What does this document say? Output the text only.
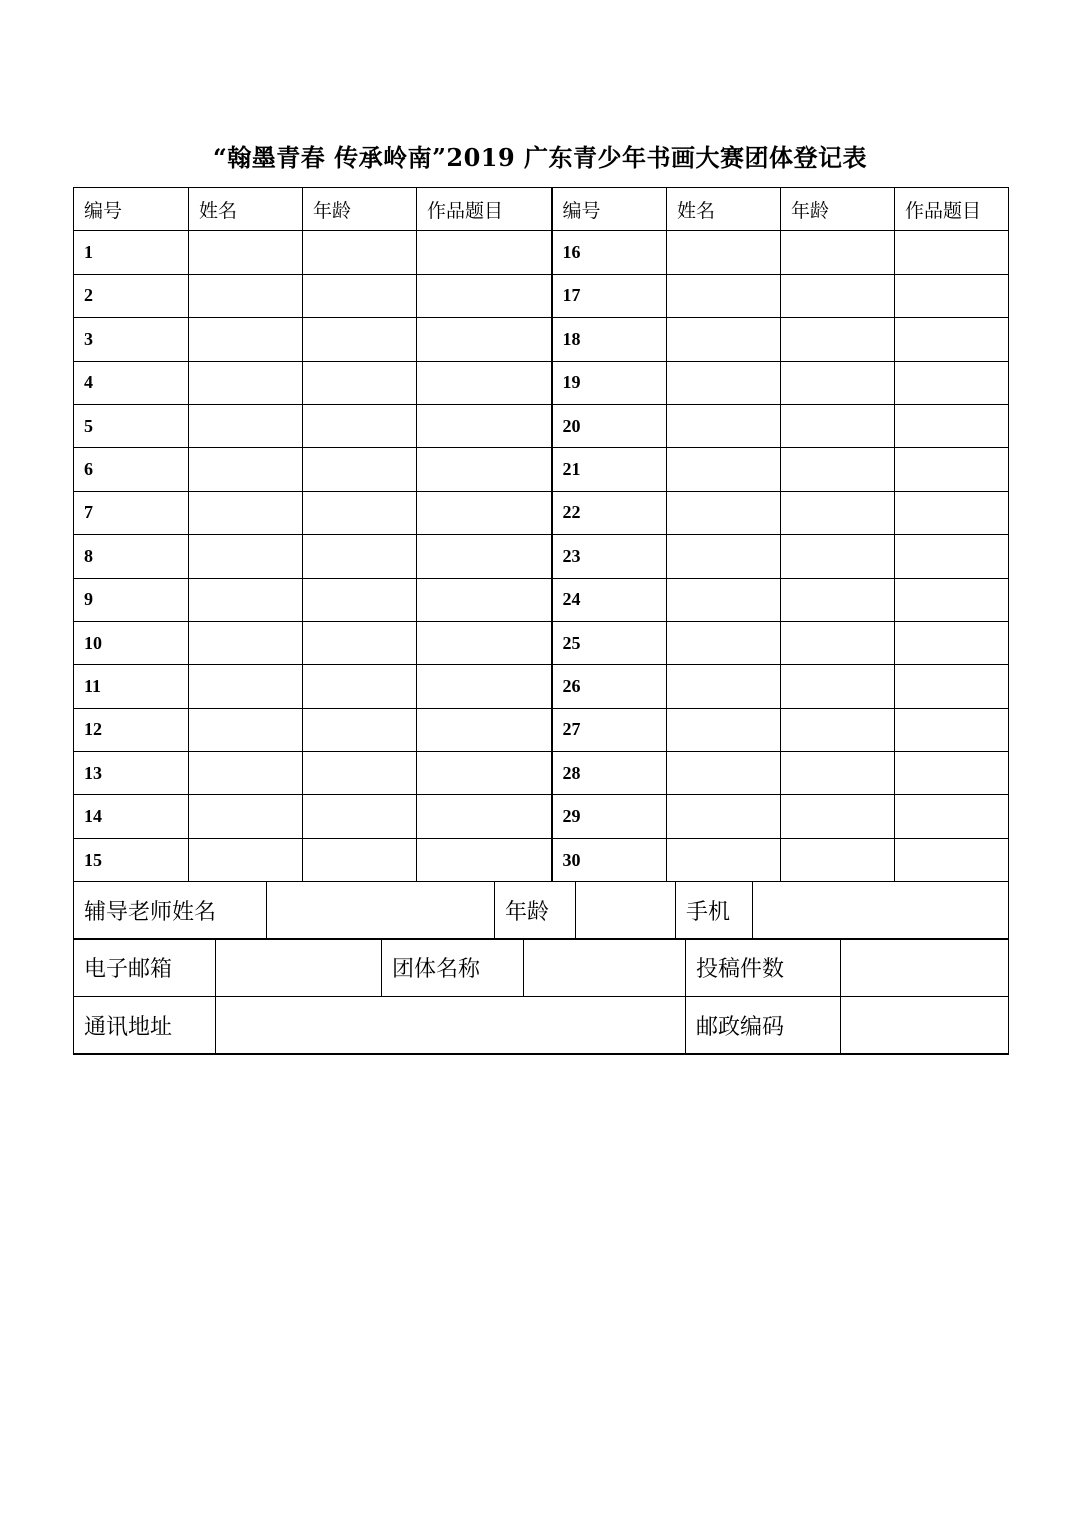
“翰墨青春 传承岭南”2019 广东青少年书画大赛团体登记表
编号	姓名	年龄	作品题目	编号	姓名	年龄	作品题目
1				16			
2				17			
3				18			
4				19			
5				20			
6				21			
7				22			
8				23			
9				24			
10				25			
11				26			
12				27			
13				28			
14				29			
15				30			
辅导老师姓名		年龄		手机	
电子邮箱		团体名称		投稿件数	
通讯地址		邮政编码	
